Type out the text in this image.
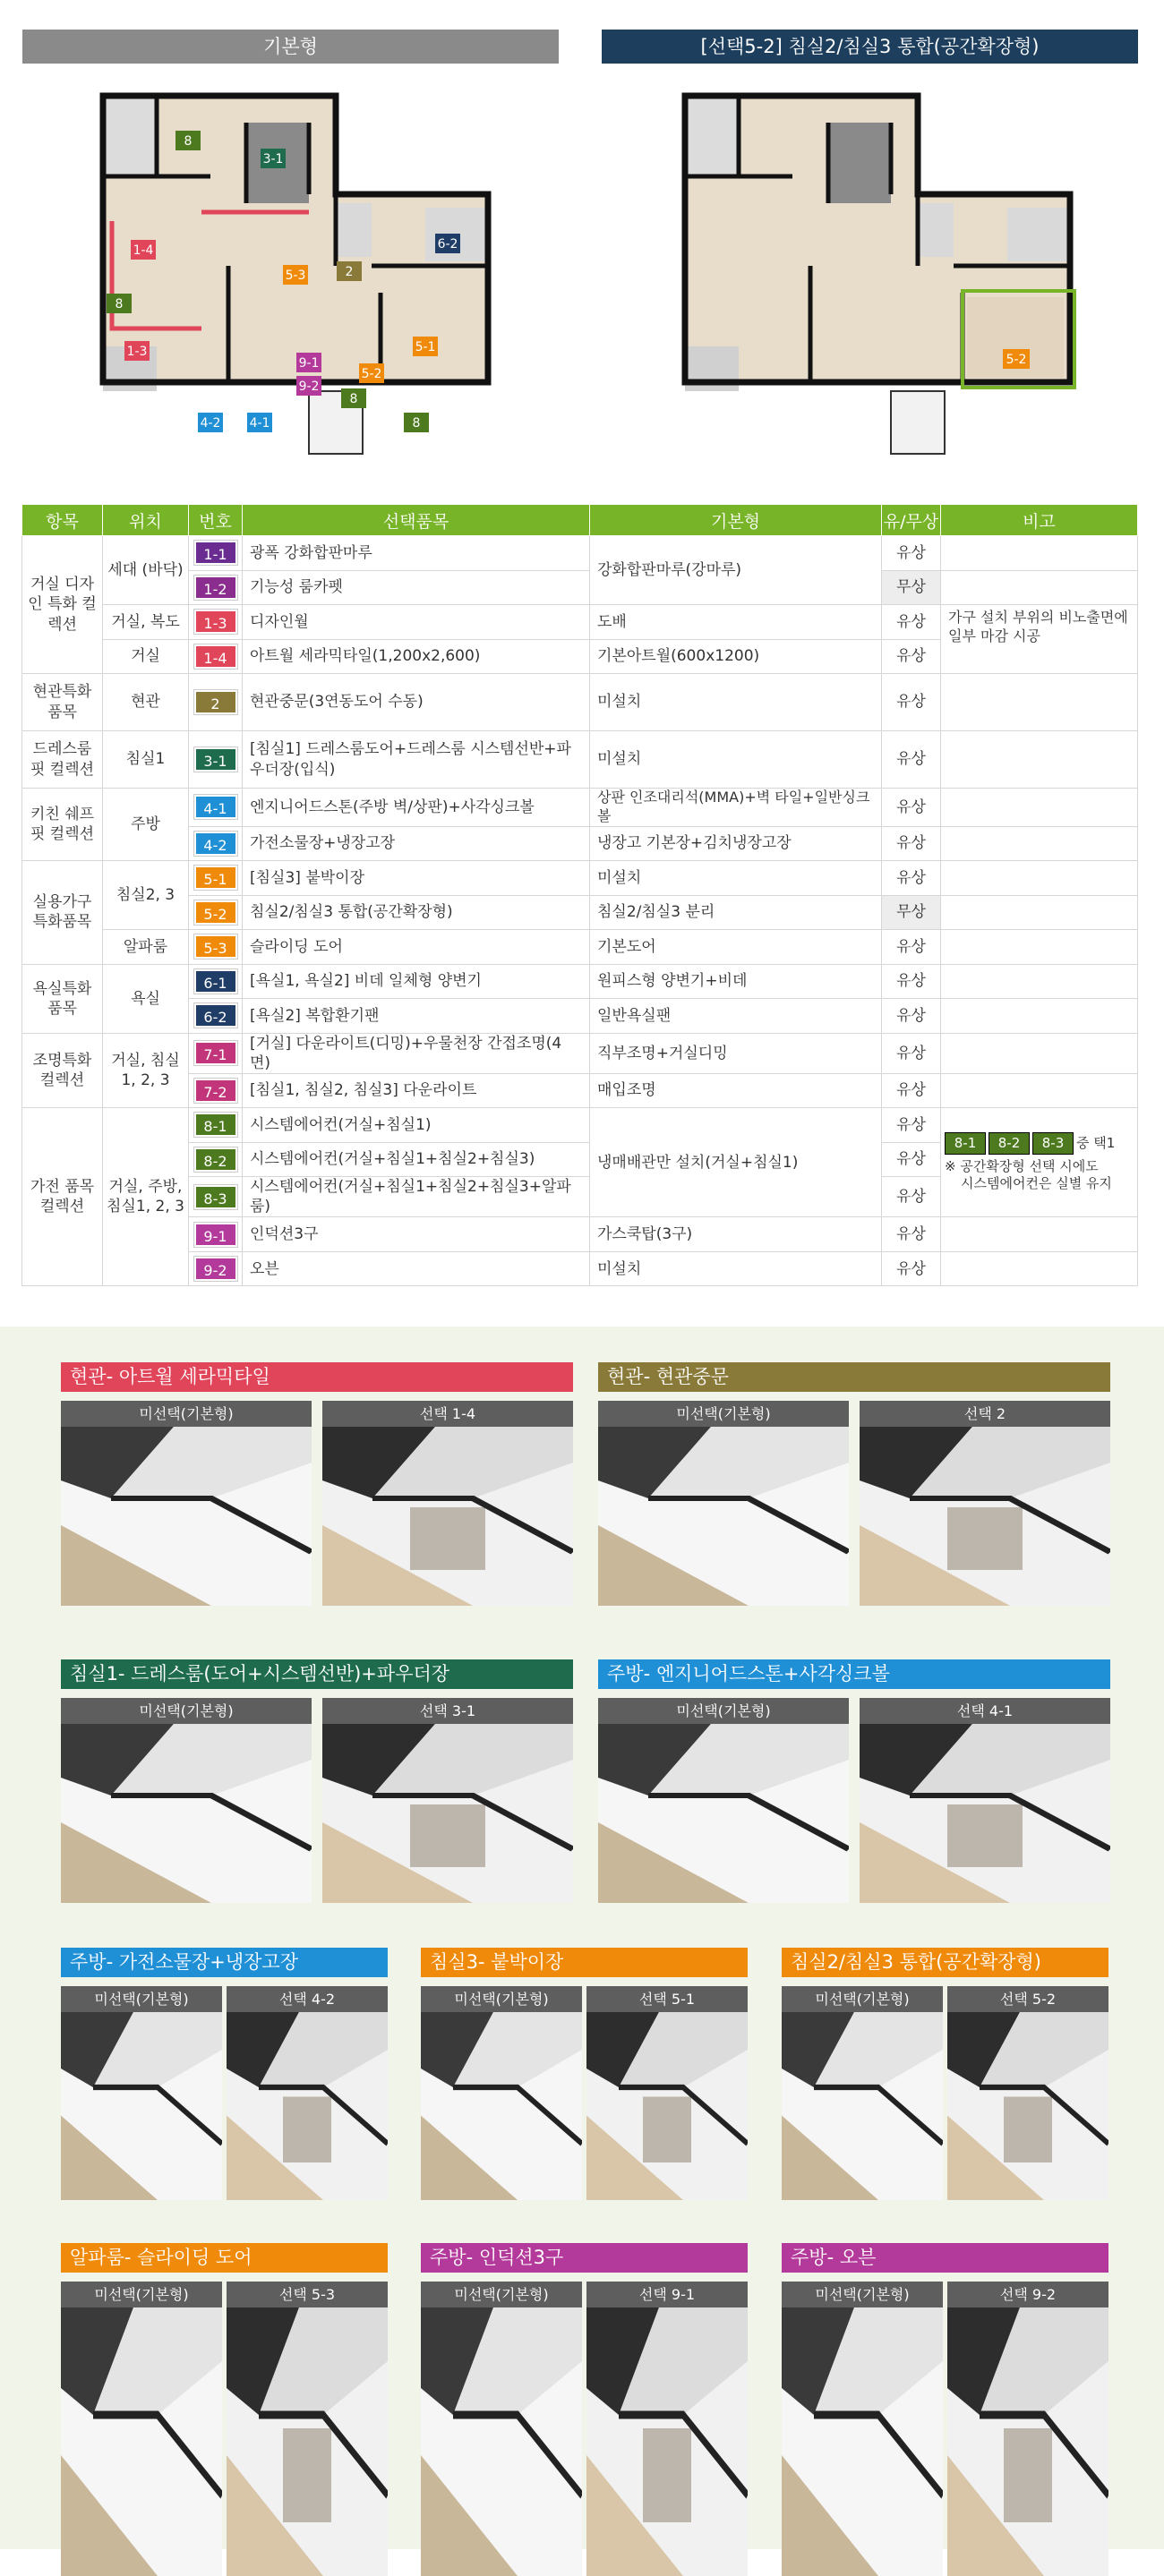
기본형	[선택5-2] 침실2/침실3 통합(공간확장형)
8
3-1
6-2
1-4
8
5-3	2
1-3	5-1
9-1
9-2
5-2
8
4-2 4-1	8
5-2
항목	위치	번호	선택품목	기본형	유/무상	비고
거실 디자인 특화 컬렉션	세대 (바닥)	1-1	광폭 강화합판마루	강화합판마루(강마루)	유상	
		1-2	기능성 룸카펫		무상	
	거실, 복도	1-3	디자인월	도배	유상	가구 설치 부위의 비노출면에 일부 마감 시공
	거실	1-4	아트월 세라믹타일(1,200x2,600)	기본아트월(600x1200)	유상	
현관특화 품목	현관	2	현관중문(3연동도어 수동)	미설치	유상	
드레스룸 핏 컬렉션	침실1	3-1	[침실1] 드레스룸도어+드레스룸 시스템선반+파우더장(입식)	미설치	유상	
키친 쉐프핏 컬렉션	주방	4-1	엔지니어드스톤(주방 벽/상판)+사각싱크볼	상판 인조대리석(MMA)+벽 타일+일반싱크볼	유상	
		4-2	가전소물장+냉장고장	냉장고 기본장+김치냉장고장	유상	
실용가구 특화품목	침실2, 3	5-1	[침실3] 붙박이장	미설치	유상	
		5-2	침실2/침실3 통합(공간확장형)	침실2/침실3 분리	무상	
	알파룸	5-3	슬라이딩 도어	기본도어	유상	
욕실특화 품목	욕실	6-1	[욕실1, 욕실2] 비데 일체형 양변기	원피스형 양변기+비데	유상	
		6-2	[욕실2] 복합환기팬	일반욕실팬	유상	
조명특화 컬렉션	거실, 침실1, 2, 3	7-1	[거실] 다운라이트(디밍)+우물천장 간접조명(4면)	직부조명+거실디밍	유상	
		7-2	[침실1, 침실2, 침실3] 다운라이트	매입조명	유상	
가전 품목 컬렉션	거실, 주방, 침실1, 2, 3	8-1	시스템에어컨(거실+침실1)	냉매배관만 설치(거실+침실1)	유상	8-1 8-2 8-3 중 택1
※ 공간확장형 선택 시에도
시스템에어컨은 실별 유지

		8-2	시스템에어컨(거실+침실1+침실2+침실3)		유상	
		8-3	시스템에어컨(거실+침실1+침실2+침실3+알파룸)		유상	
		9-1	인덕션3구	가스쿡탑(3구)	유상	
		9-2	오븐	미설치	유상	
현관- 아트월 세라믹타일
미선택(기본형)	선택 1-4
현관- 현관중문
미선택(기본형)	선택 2
침실1- 드레스룸(도어+시스템선반)+파우더장
미선택(기본형)	선택 3-1
주방- 엔지니어드스톤+사각싱크볼
미선택(기본형)	선택 4-1
주방- 가전소물장+냉장고장
미선택(기본형)	선택 4-2
침실3- 붙박이장
미선택(기본형)	선택 5-1
침실2/침실3 통합(공간확장형)
미선택(기본형)	선택 5-2
알파룸- 슬라이딩 도어
미선택(기본형)	선택 5-3
주방- 인덕션3구
미선택(기본형)	선택 9-1
주방- 오븐
미선택(기본형)	선택 9-2
